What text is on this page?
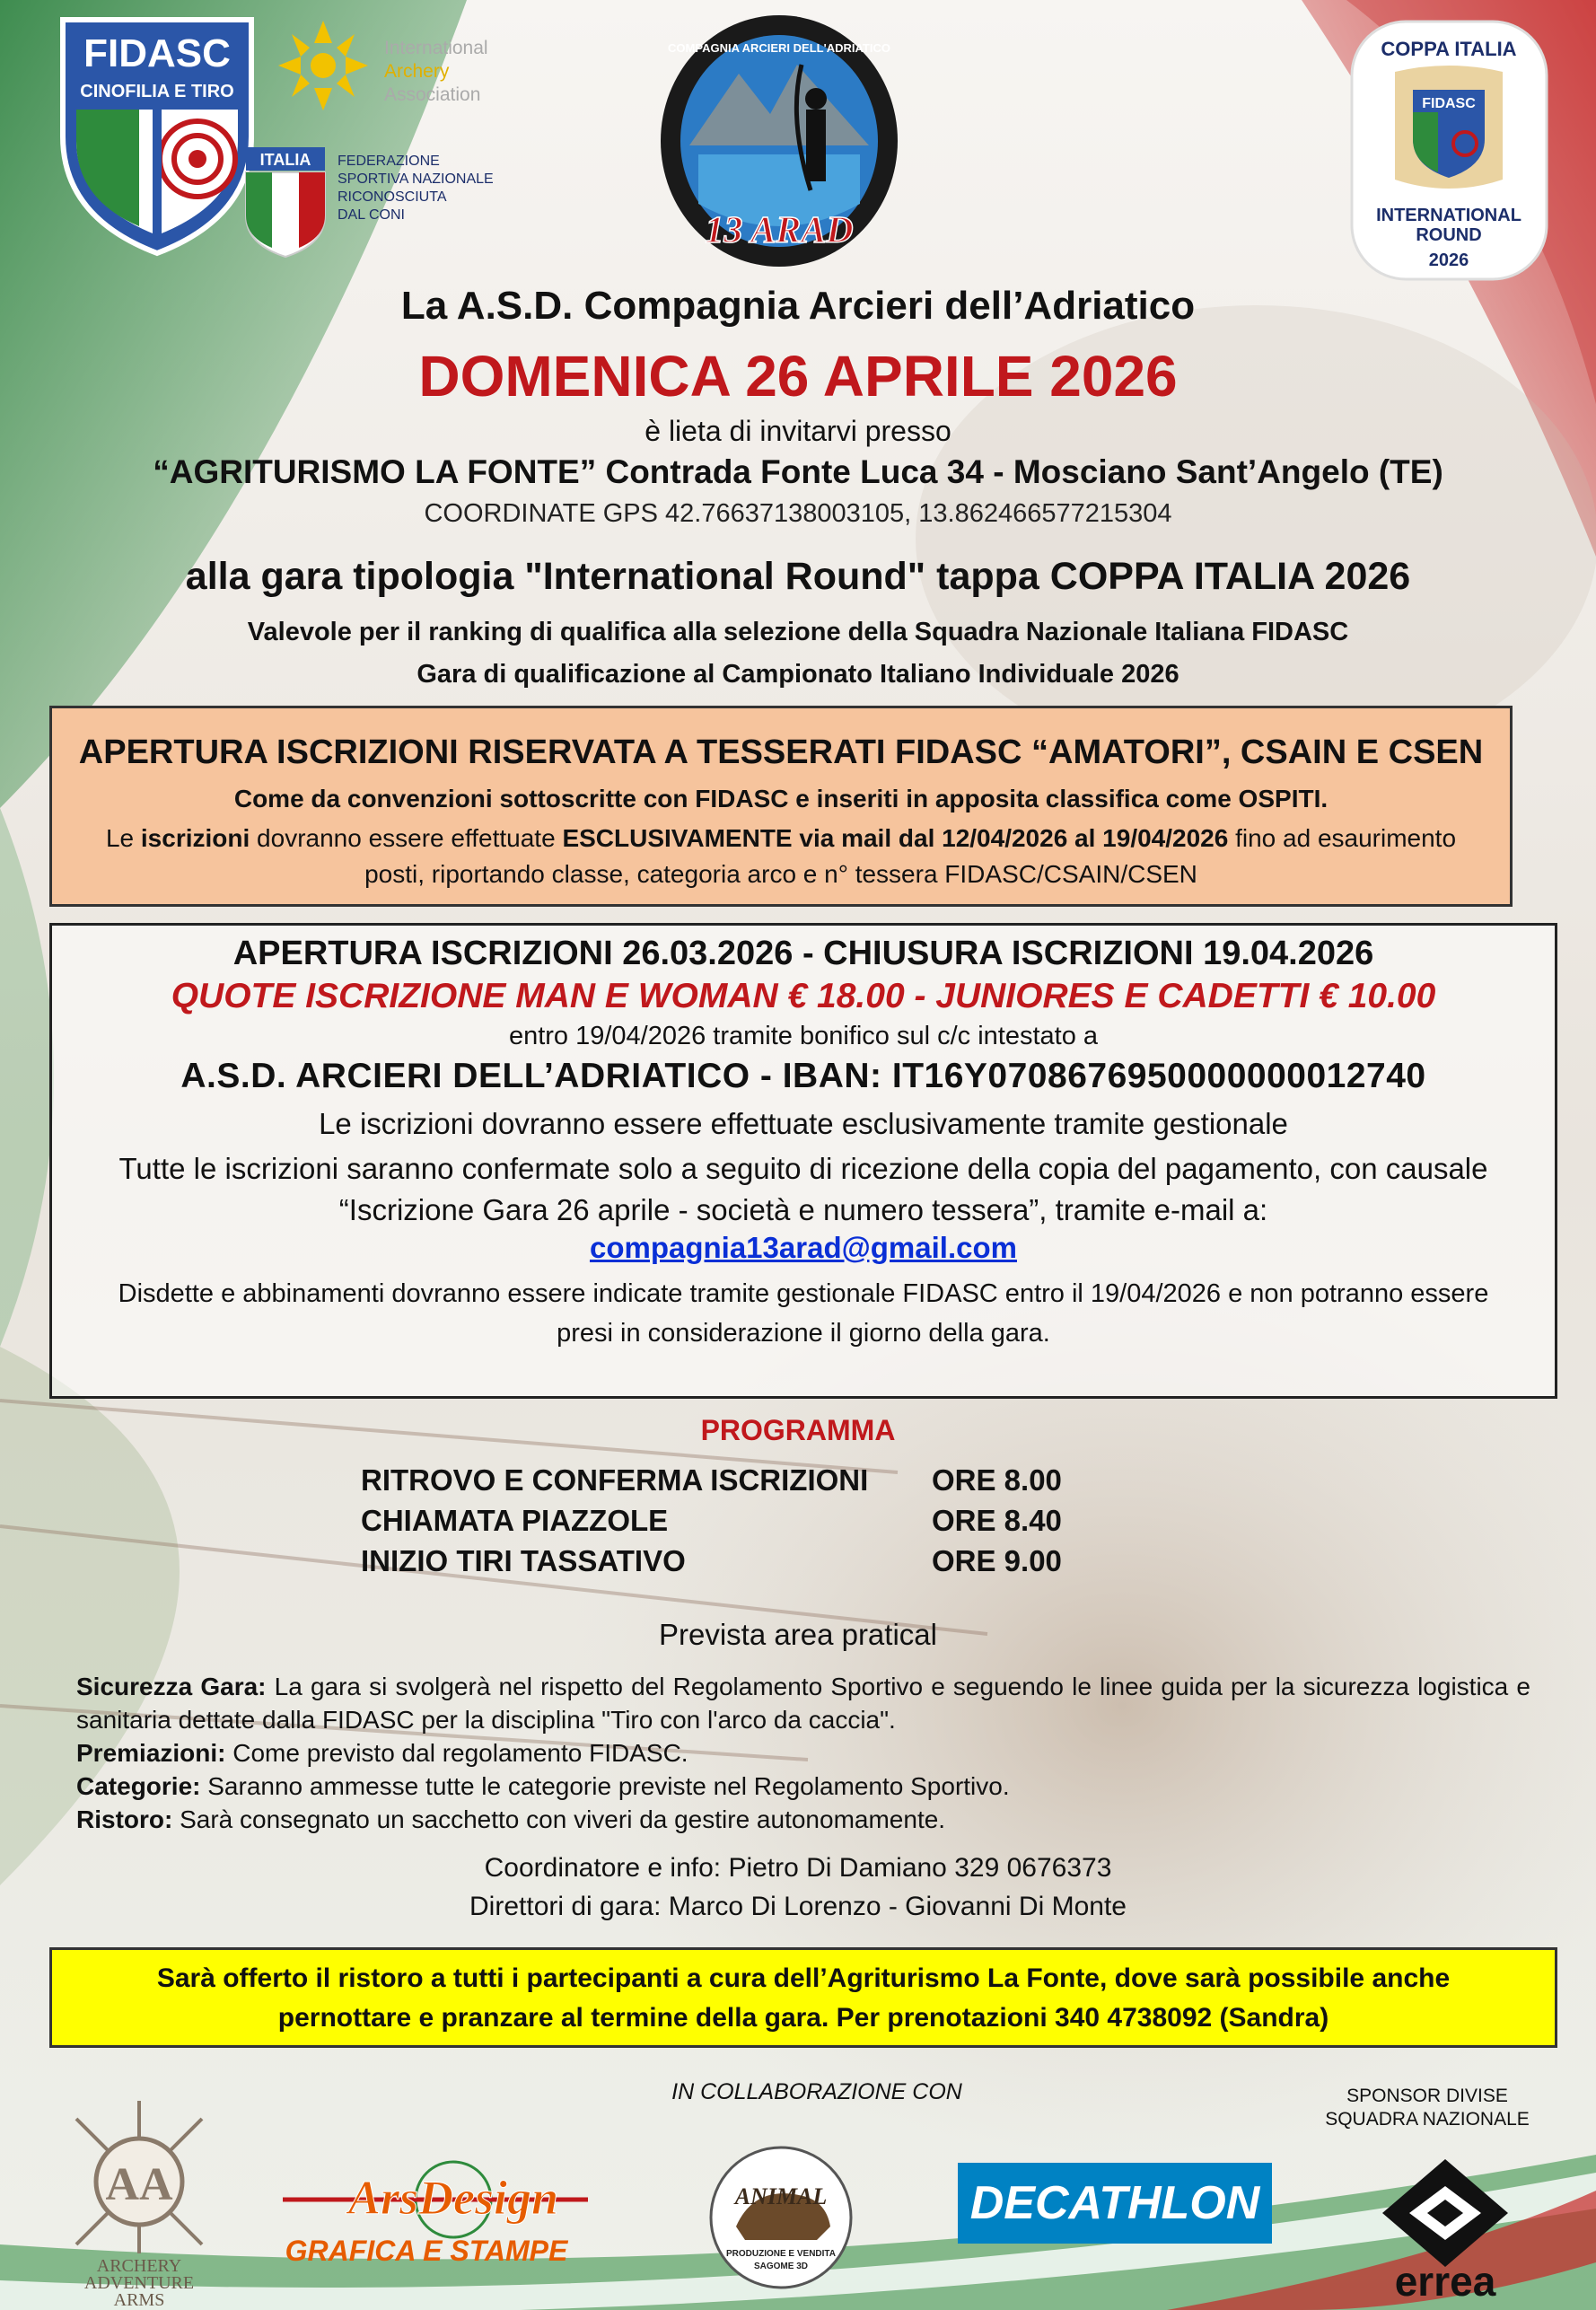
FIDASC
CINOFILIA E TIRO
International
Archery
Association
ITALIA FEDERAZIONE
SPORTIVA NAZIONALE
RICONOSCIUTA
DAL CONI
COMPAGNIA ARCIERI DELL'ADRIATICO
13 ARAD
COPPA ITALIA
FIDASC
INTERNATIONAL
ROUND
2026
La A.S.D. Compagnia Arcieri dell’Adriatico
DOMENICA 26 APRILE 2026
è lieta di invitarvi presso
“AGRITURISMO LA FONTE” Contrada Fonte Luca 34 - Mosciano Sant’Angelo (TE)
COORDINATE GPS 42.76637138003105, 13.862466577215304
alla gara tipologia "International Round" tappa COPPA ITALIA 2026
Valevole per il ranking di qualifica alla selezione della Squadra Nazionale Italiana FIDASC
Gara di qualificazione al Campionato Italiano Individuale 2026
APERTURA ISCRIZIONI RISERVATA A TESSERATI FIDASC “AMATORI”, CSAIN E CSEN
Come da convenzioni sottoscritte con FIDASC e inseriti in apposita classifica come OSPITI.
Le iscrizioni dovranno essere effettuate ESCLUSIVAMENTE via mail dal 12/04/2026 al 19/04/2026 fino ad esaurimento posti, riportando classe, categoria arco e n° tessera FIDASC/CSAIN/CSEN
APERTURA ISCRIZIONI 26.03.2026 - CHIUSURA ISCRIZIONI 19.04.2026
QUOTE ISCRIZIONE MAN E WOMAN € 18.00 - JUNIORES E CADETTI € 10.00
entro 19/04/2026 tramite bonifico sul c/c intestato a
A.S.D. ARCIERI DELL’ADRIATICO - IBAN: IT16Y0708676950000000012740
Le iscrizioni dovranno essere effettuate esclusivamente tramite gestionale
Tutte le iscrizioni saranno confermate solo a seguito di ricezione della copia del pagamento, con causale “Iscrizione Gara 26 aprile - società e numero tessera”, tramite e-mail a:
compagnia13arad@gmail.com
Disdette e abbinamenti dovranno essere indicate tramite gestionale FIDASC entro il 19/04/2026 e non potranno essere presi in considerazione il giorno della gara.
PROGRAMMA
RITROVO E CONFERMA ISCRIZIONI ORE 8.00
CHIAMATA PIAZZOLE	ORE 8.40
INIZIO TIRI TASSATIVO	ORE 9.00
Prevista area pratical
Sicurezza Gara: La gara si svolgerà nel rispetto del Regolamento Sportivo e seguendo le linee guida per la sicurezza logistica e sanitaria dettate dalla FIDASC per la disciplina "Tiro con l'arco da caccia".
Premiazioni: Come previsto dal regolamento FIDASC.
Categorie: Saranno ammesse tutte le categorie previste nel Regolamento Sportivo.
Ristoro: Sarà consegnato un sacchetto con viveri da gestire autonomamente.
Coordinatore e info: Pietro Di Damiano 329 0676373
Direttori di gara: Marco Di Lorenzo - Giovanni Di Monte
Sarà offerto il ristoro a tutti i partecipanti a cura dell’Agriturismo La Fonte, dove sarà possibile anche
pernottare e pranzare al termine della gara. Per prenotazioni 340 4738092 (Sandra)
IN COLLABORAZIONE CON	SPONSOR DIVISE
SQUADRA NAZIONALE
AA
ARCHERY
ADVENTURE
ARMS
ArsDesign
GRAFICA E STAMPE
ANIMAL
PRODUZIONE E VENDITA
SAGOME 3D
DECATHLON
errea
